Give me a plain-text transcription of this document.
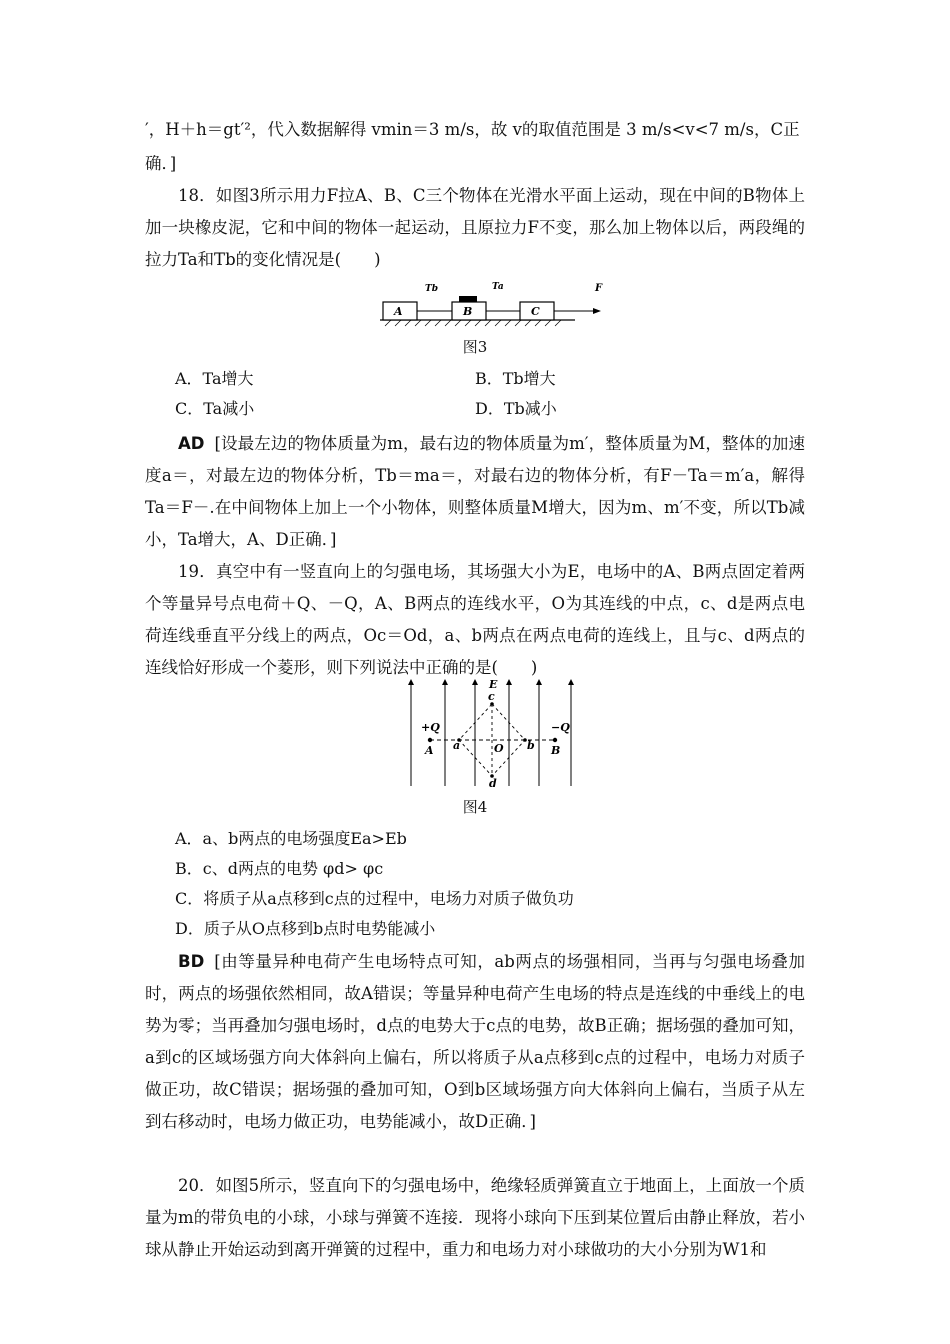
′，H＋h＝gt′²，代入数据解得 vmin＝3 m/s，故 v的取值范围是 3 m/s<v<7 m/s，C正

确．]

18．如图3所示用力F拉A、B、C三个物体在光滑水平面上运动，现在中间的B物体上加一块橡皮泥，它和中间的物体一起运动，且原拉力F不变，那么加上物体以后，两段绳的拉力Ta和Tb的变化情况是(　　)

A	B	C
Tb	Ta	F
图3
A．Ta增大	B．Tb增大
C．Ta减小	D．Tb减小

AD [设最左边的物体质量为m，最右边的物体质量为m′，整体质量为M，整体的加速度a＝，对最左边的物体分析，Tb＝ma＝，对最右边的物体分析，有F－Ta＝m′a，解得Ta＝F－.在中间物体上加上一个小物体，则整体质量M增大，因为m、m′不变，所以Tb减小，Ta增大，A、D正确．]

19．真空中有一竖直向上的匀强电场，其场强大小为E，电场中的A、B两点固定着两个等量异号点电荷＋Q、－Q，A、B两点的连线水平，O为其连线的中点，c、d是两点电荷连线垂直平分线上的两点，Oc＝Od，a、b两点在两点电荷的连线上，且与c、d两点的连线恰好形成一个菱形，则下列说法中正确的是(　　)

E
+Q
A
−Q
B
a	b
c
d
O
图4
A．a、b两点的电场强度Ea>Eb
B．c、d两点的电势 φd> φc
C．将质子从a点移到c点的过程中，电场力对质子做负功
D．质子从O点移到b点时电势能减小

BD [由等量异种电荷产生电场特点可知，ab两点的场强相同，当再与匀强电场叠加时，两点的场强依然相同，故A错误；等量异种电荷产生电场的特点是连线的中垂线上的电势为零；当再叠加匀强电场时，d点的电势大于c点的电势，故B正确；据场强的叠加可知，a到c的区域场强方向大体斜向上偏右，所以将质子从a点移到c点的过程中，电场力对质子做正功，故C错误；据场强的叠加可知，O到b区域场强方向大体斜向上偏右，当质子从左到右移动时，电场力做正功，电势能减小，故D正确．]

20．如图5所示，竖直向下的匀强电场中，绝缘轻质弹簧直立于地面上，上面放一个质量为m的带负电的小球，小球与弹簧不连接．现将小球向下压到某位置后由静止释放，若小球从静止开始运动到离开弹簧的过程中，重力和电场力对小球做功的大小分别为W1和
